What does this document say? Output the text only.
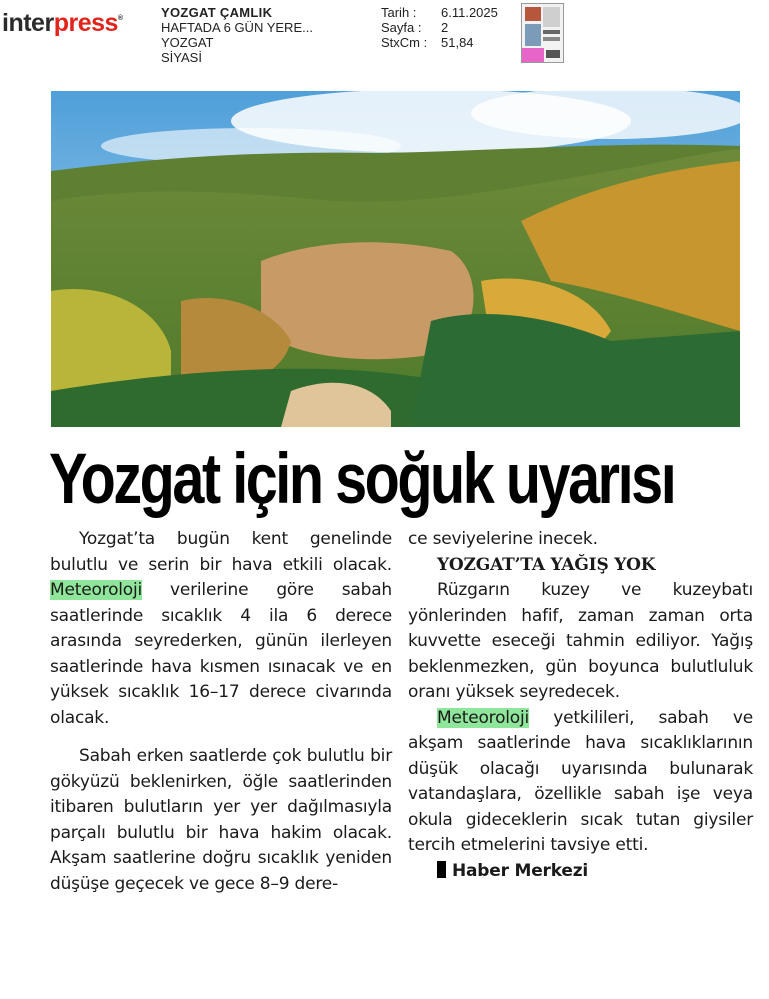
interpress®	YOZGAT ÇAMLIK
HAFTADA 6 GÜN YERE...
YOZGAT
SİYASİ
Tarih :	6.11.2025
Sayfa :	2
StxCm :	51,84
Yozgat için soğuk uyarısı

Yozgat’ta bugün kent genelinde bulutlu ve serin bir hava etkili olacak. Meteoroloji verilerine göre sabah saatlerinde sıcaklık 4 ila 6 derece arasında seyrederken, günün ilerleyen saatlerinde hava kısmen ısınacak ve en yüksek sıcaklık 16–17 derece civarında olacak.

Sabah erken saatlerde çok bulutlu bir gökyüzü beklenirken, öğle saatlerinden itibaren bulutların yer yer dağılmasıyla parçalı bulutlu bir hava hakim olacak. Akşam saatlerine doğru sıcaklık yeniden düşüşe geçecek ve gece 8–9 dere-

ce seviyelerine inecek.

YOZGAT’TA YAĞIŞ YOK

Rüzgarın kuzey ve kuzeybatı yönlerinden hafif, zaman zaman orta kuvvette eseceği tahmin ediliyor. Yağış beklenmezken, gün boyunca bulutluluk oranı yüksek seyredecek.

Meteoroloji yetkilileri, sabah ve akşam saatlerinde hava sıcaklıklarının düşük olacağı uyarısında bulunarak vatandaşlara, özellikle sabah işe veya okula gideceklerin sıcak tutan giysiler tercih etmelerini tavsiye etti.

Haber Merkezi
